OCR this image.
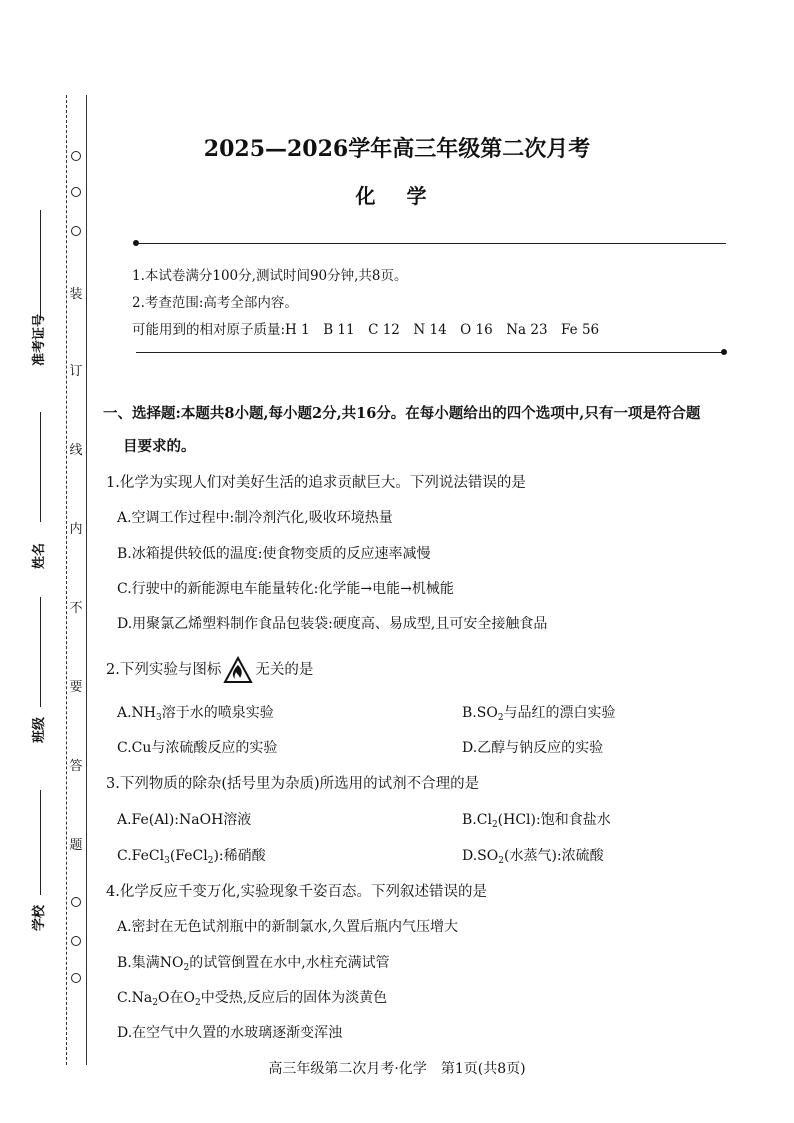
装
订
线
内
不
要
答
题
准考证号
姓名
班级
学校
2025—2026学年高三年级第二次月考
化 学
1.本试卷满分100分,测试时间90分钟,共8页。
2.考查范围:高考全部内容。
可能用到的相对原子质量:H 1　B 11　C 12　N 14　O 16　Na 23　Fe 56
一、选择题:本题共8小题,每小题2分,共16分。在每小题给出的四个选项中,只有一项是符合题
目要求的。
1.化学为实现人们对美好生活的追求贡献巨大。下列说法错误的是
A.空调工作过程中:制冷剂汽化,吸收环境热量
B.冰箱提供较低的温度:使食物变质的反应速率减慢
C.行驶中的新能源电车能量转化:化学能→电能→机械能
D.用聚氯乙烯塑料制作食品包装袋:硬度高、易成型,且可安全接触食品
2.下列实验与图标 无关的是
$A.NH_3$溶于水的喷泉实验	$B.SO_2$与品红的漂白实验
C.Cu与浓硫酸反应的实验	D.乙醇与钠反应的实验
3.下列物质的除杂(括号里为杂质)所选用的试剂不合理的是
A.Fe(Al):NaOH溶液	$B.Cl_2(HCl)$:饱和食盐水
C.FeCl$_3$(FeCl$_2$):稀硝酸	$D.SO_2$(水蒸气):浓硫酸
4.化学反应千变万化,实验现象千姿百态。下列叙述错误的是
A.密封在无色试剂瓶中的新制氯水,久置后瓶内气压增大
B.集满$NO_2$的试管倒置在水中,水柱充满试管
$C.Na_2O$在$O_2$中受热,反应后的固体为淡黄色
D.在空气中久置的水玻璃逐渐变浑浊
高三年级第二次月考·化学　第1页(共8页)
